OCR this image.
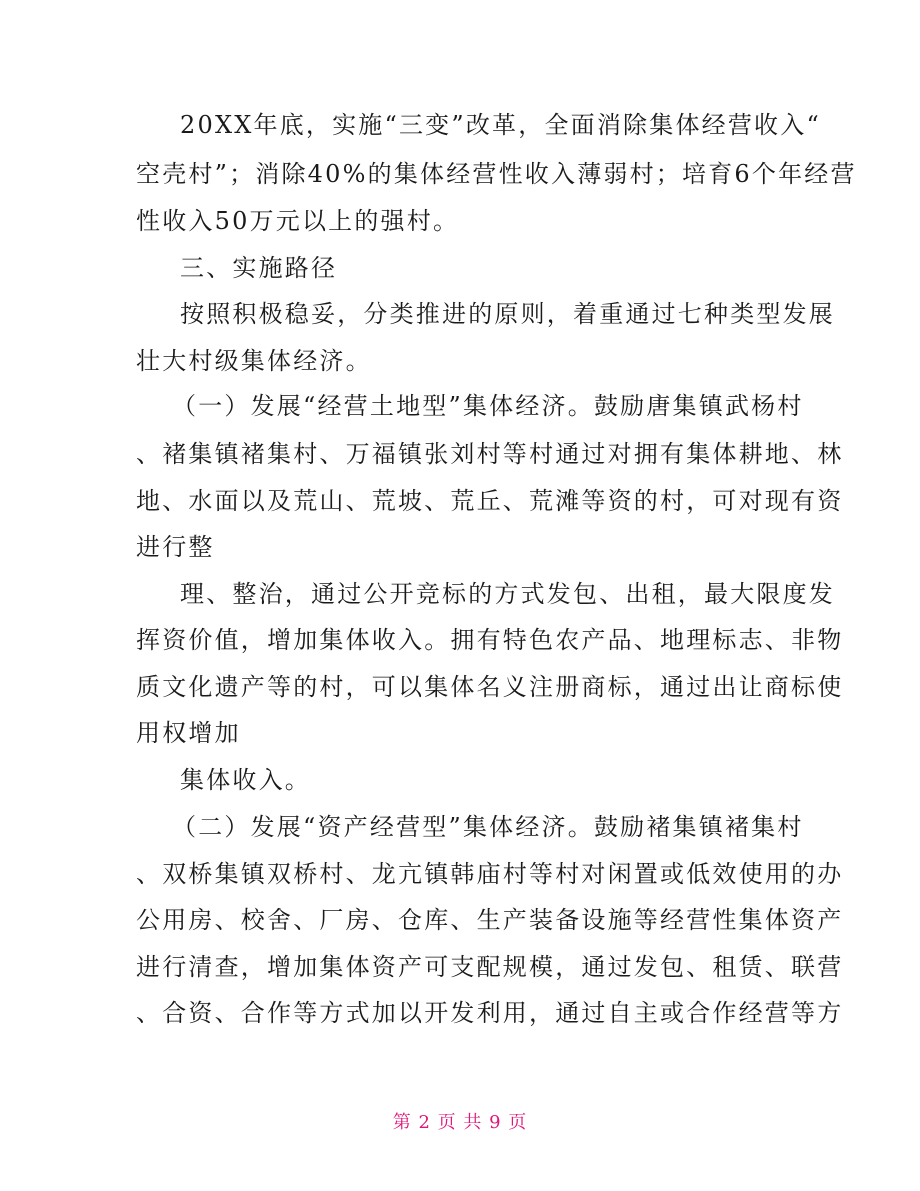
20XX年底，实施“三变”改革，全面消除集体经营收入“
空壳村”；消除40%的集体经营性收入薄弱村；培育6个年经营
性收入50万元以上的强村。
三、实施路径
按照积极稳妥，分类推进的原则，着重通过七种类型发展
壮大村级集体经济。
（一）发展“经营土地型”集体经济。鼓励唐集镇武杨村
、褚集镇褚集村、万福镇张刘村等村通过对拥有集体耕地、林
地、水面以及荒山、荒坡、荒丘、荒滩等资的村，可对现有资
进行整
理、整治，通过公开竞标的方式发包、出租，最大限度发
挥资价值，增加集体收入。拥有特色农产品、地理标志、非物
质文化遗产等的村，可以集体名义注册商标，通过出让商标使
用权增加
集体收入。
（二）发展“资产经营型”集体经济。鼓励褚集镇褚集村
、双桥集镇双桥村、龙亢镇韩庙村等村对闲置或低效使用的办
公用房、校舍、厂房、仓库、生产装备设施等经营性集体资产
进行清查，增加集体资产可支配规模，通过发包、租赁、联营
、合资、合作等方式加以开发利用，通过自主或合作经营等方
第 2 页 共 9 页
